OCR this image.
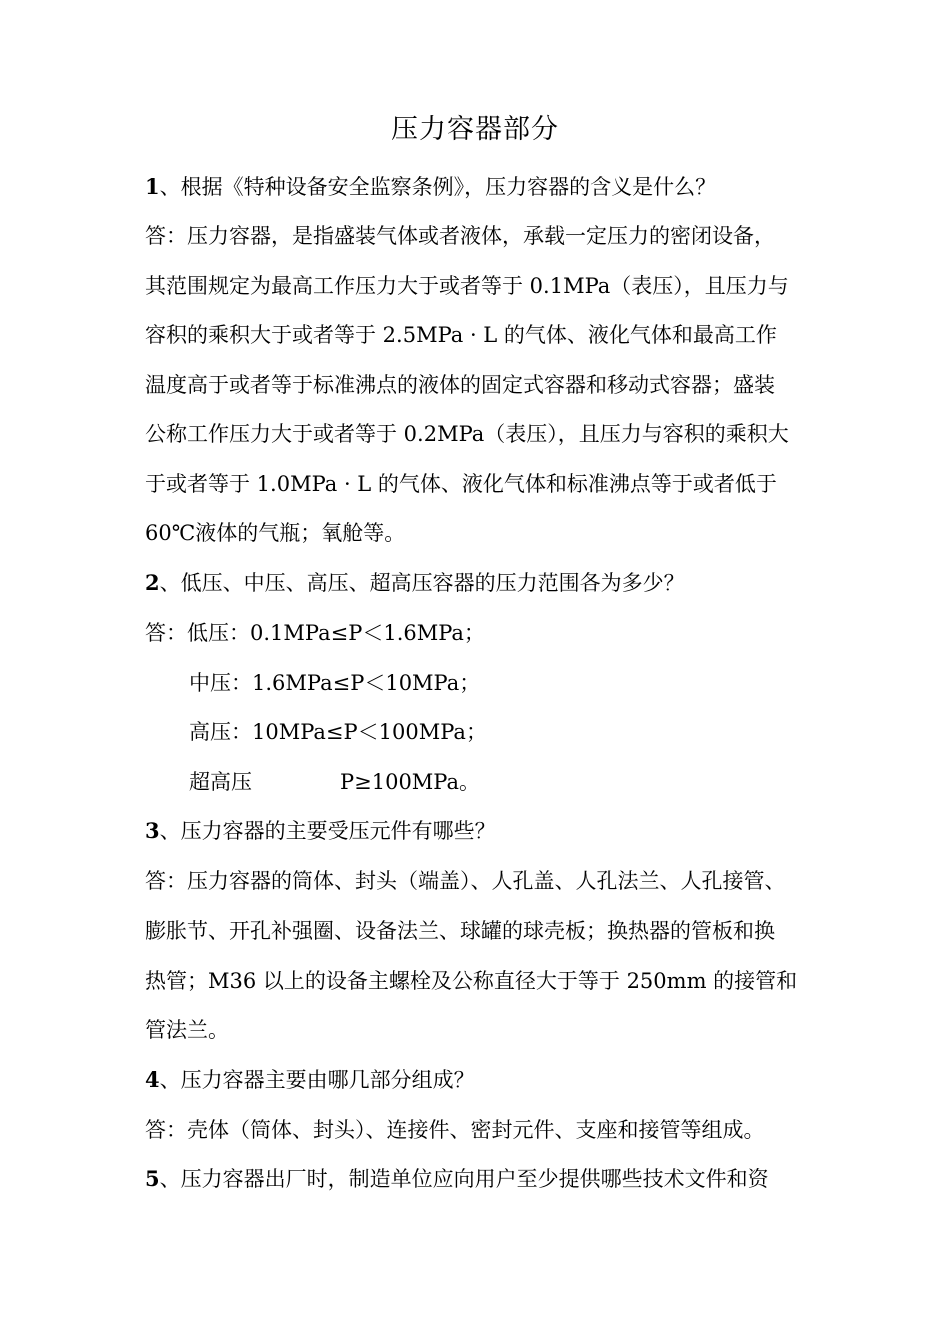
压力容器部分
1、根据《特种设备安全监察条例》，压力容器的含义是什么？
答：压力容器，是指盛装气体或者液体，承载一定压力的密闭设备，
其范围规定为最高工作压力大于或者等于 0.1MPa（表压），且压力与
容积的乘积大于或者等于 2.5MPa · L 的气体、液化气体和最高工作
温度高于或者等于标准沸点的液体的固定式容器和移动式容器；盛装
公称工作压力大于或者等于 0.2MPa（表压），且压力与容积的乘积大
于或者等于 1.0MPa · L 的气体、液化气体和标准沸点等于或者低于
60℃液体的气瓶；氧舱等。
2、低压、中压、高压、超高压容器的压力范围各为多少？
答：低压：0.1MPa≤P＜1.6MPa；
中压：1.6MPa≤P＜10MPa；
高压：10MPa≤P＜100MPa；
超高压	P≥100MPa。
3、压力容器的主要受压元件有哪些？
答：压力容器的筒体、封头（端盖）、人孔盖、人孔法兰、人孔接管、
膨胀节、开孔补强圈、设备法兰、球罐的球壳板；换热器的管板和换
热管；M36 以上的设备主螺栓及公称直径大于等于 250mm 的接管和
管法兰。
4、压力容器主要由哪几部分组成？
答：壳体（筒体、封头）、连接件、密封元件、支座和接管等组成。
5、压力容器出厂时，制造单位应向用户至少提供哪些技术文件和资
